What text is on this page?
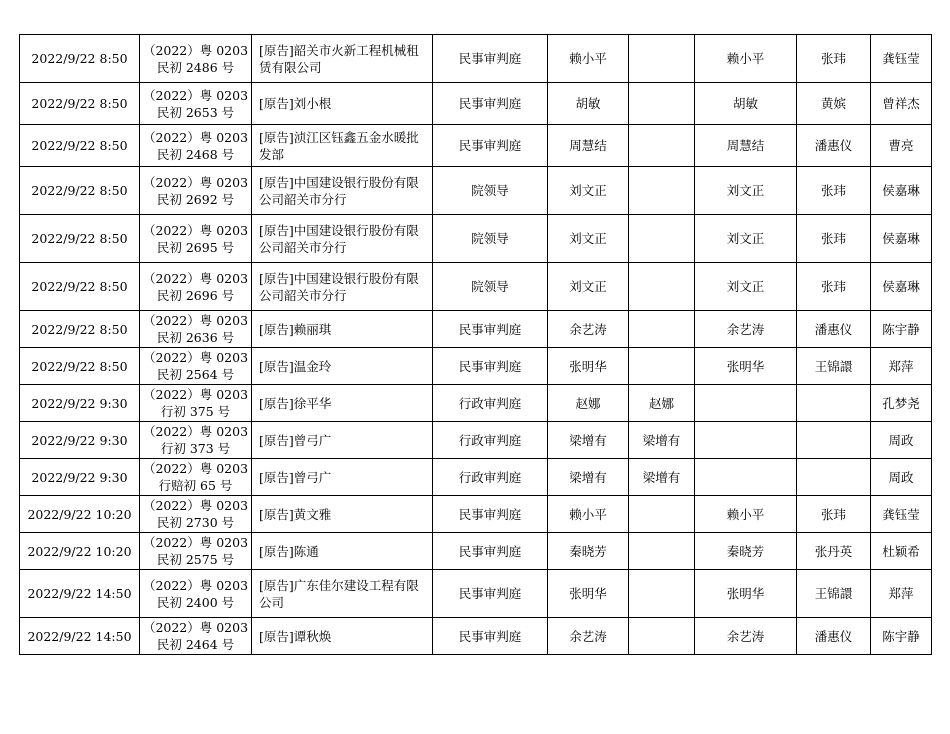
2022/9/22 8:50	（2022）粤 0203
民初 2486 号	[原告]韶关市火新工程机械租赁有限公司	民事审判庭	赖小平		赖小平	张玮	龚钰莹
2022/9/22 8:50	（2022）粤 0203
民初 2653 号	[原告]刘小根	民事审判庭	胡敏		胡敏	黄嫔	曾祥杰
2022/9/22 8:50	（2022）粤 0203
民初 2468 号	[原告]浈江区钰鑫五金水暖批发部	民事审判庭	周慧结		周慧结	潘惠仪	曹亮
2022/9/22 8:50	（2022）粤 0203
民初 2692 号	[原告]中国建设银行股份有限公司韶关市分行	院领导	刘文正		刘文正	张玮	侯嘉琳
2022/9/22 8:50	（2022）粤 0203
民初 2695 号	[原告]中国建设银行股份有限公司韶关市分行	院领导	刘文正		刘文正	张玮	侯嘉琳
2022/9/22 8:50	（2022）粤 0203
民初 2696 号	[原告]中国建设银行股份有限公司韶关市分行	院领导	刘文正		刘文正	张玮	侯嘉琳
2022/9/22 8:50	（2022）粤 0203
民初 2636 号	[原告]赖丽琪	民事审判庭	余艺涛		余艺涛	潘惠仪	陈宇静
2022/9/22 8:50	（2022）粤 0203
民初 2564 号	[原告]温金玲	民事审判庭	张明华		张明华	王锦譞	郑萍
2022/9/22 9:30	（2022）粤 0203
行初 375 号	[原告]徐平华	行政审判庭	赵娜	赵娜			孔梦尧
2022/9/22 9:30	（2022）粤 0203
行初 373 号	[原告]曾弓广	行政审判庭	梁增有	梁增有			周政
2022/9/22 9:30	（2022）粤 0203
行赔初 65 号	[原告]曾弓广	行政审判庭	梁增有	梁增有			周政
2022/9/22 10:20	（2022）粤 0203
民初 2730 号	[原告]黄文雅	民事审判庭	赖小平		赖小平	张玮	龚钰莹
2022/9/22 10:20	（2022）粤 0203
民初 2575 号	[原告]陈通	民事审判庭	秦晓芳		秦晓芳	张丹英	杜颖希
2022/9/22 14:50	（2022）粤 0203
民初 2400 号	[原告]广东佳尔建设工程有限公司	民事审判庭	张明华		张明华	王锦譞	郑萍
2022/9/22 14:50	（2022）粤 0203
民初 2464 号	[原告]谭秋焕	民事审判庭	余艺涛		余艺涛	潘惠仪	陈宇静
